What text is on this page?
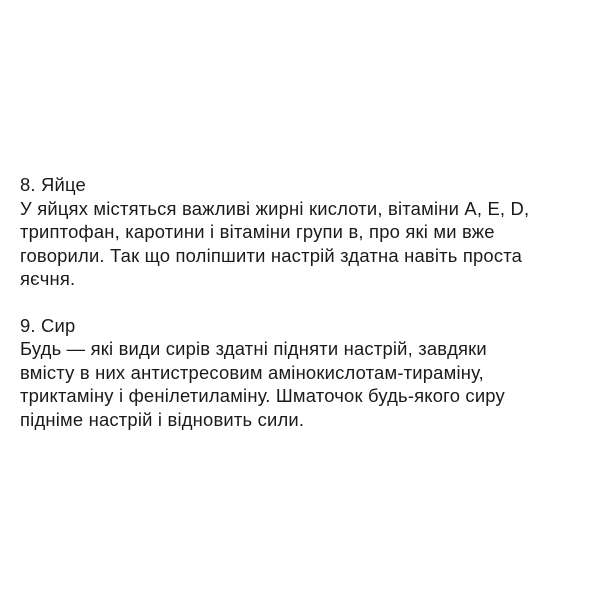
8. Яйце
У яйцях містяться важливі жирні кислоти, вітаміни A, E, D,
триптофан, каротини і вітаміни групи в, про які ми вже
говорили. Так що поліпшити настрій здатна навіть проста
яєчня.
9. Сир
Будь — які види сирів здатні підняти настрій, завдяки
вмісту в них антистресовим амінокислотам-тираміну,
триктаміну і фенілетиламіну. Шматочок будь-якого сиру
підніме настрій і відновить сили.
